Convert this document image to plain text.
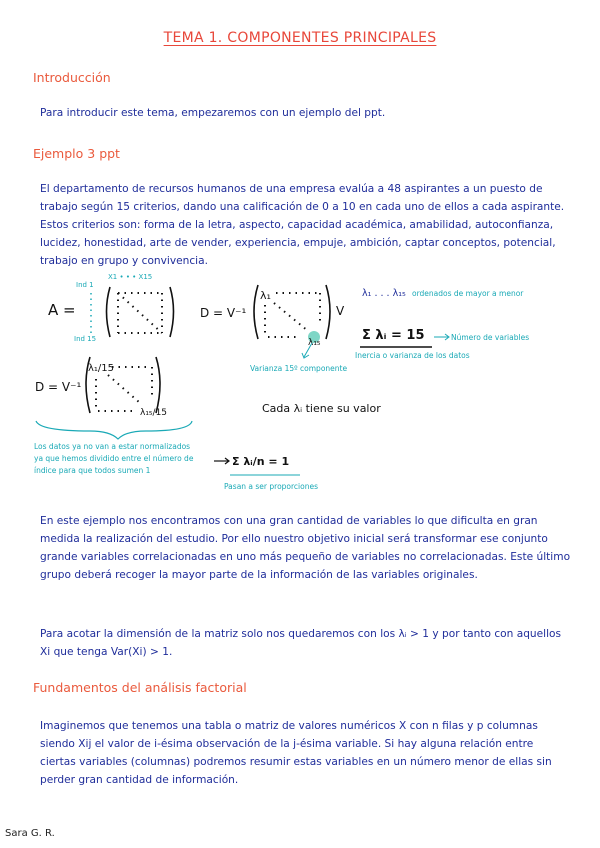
TEMA 1. COMPONENTES PRINCIPALES
Introducción
Para introducir este tema, empezaremos con un ejemplo del ppt.
Ejemplo 3 ppt
El departamento de recursos humanos de una empresa evalúa a 48 aspirantes a un puesto de trabajo según 15 criterios, dando una calificación de 0 a 10 en cada uno de ellos a cada aspirante. Estos criterios son: forma de la letra, aspecto, capacidad académica, amabilidad, autoconfianza, lucidez, honestidad, arte de vender, experiencia, empuje, ambición, captar conceptos, potencial, trabajo en grupo y convivencia.
A =
X1 • • • X15
Ind 1
Ind 15
D = V⁻¹
λ₁
λ₁₅
V
Varianza 15º componente
λ₁ . . . λ₁₅ ordenados de mayor a menor
Σ λᵢ = 15	Número de variables
Inercia o varianza de los datos
D = V⁻¹
λ₁/15
λ₁₅/15	Cada λᵢ tiene su valor
Los datos ya no van a estar normalizados ya que hemos dividido entre el número de índice para que todos sumen 1
Σ λᵢ/n = 1
Pasan a ser proporciones
En este ejemplo nos encontramos con una gran cantidad de variables lo que dificulta en gran medida la realización del estudio. Por ello nuestro objetivo inicial será transformar ese conjunto grande variables correlacionadas en uno más pequeño de variables no correlacionadas. Este último grupo deberá recoger la mayor parte de la información de las variables originales.
Para acotar la dimensión de la matriz solo nos quedaremos con los λᵢ > 1 y por tanto con aquellos Xi que tenga Var(Xi) > 1.
Fundamentos del análisis factorial
Imaginemos que tenemos una tabla o matriz de valores numéricos X con n filas y p columnas siendo Xij el valor de i-ésima observación de la j-ésima variable. Si hay alguna relación entre ciertas variables (columnas) podremos resumir estas variables en un número menor de ellas sin perder gran cantidad de información.
Sara G. R.
